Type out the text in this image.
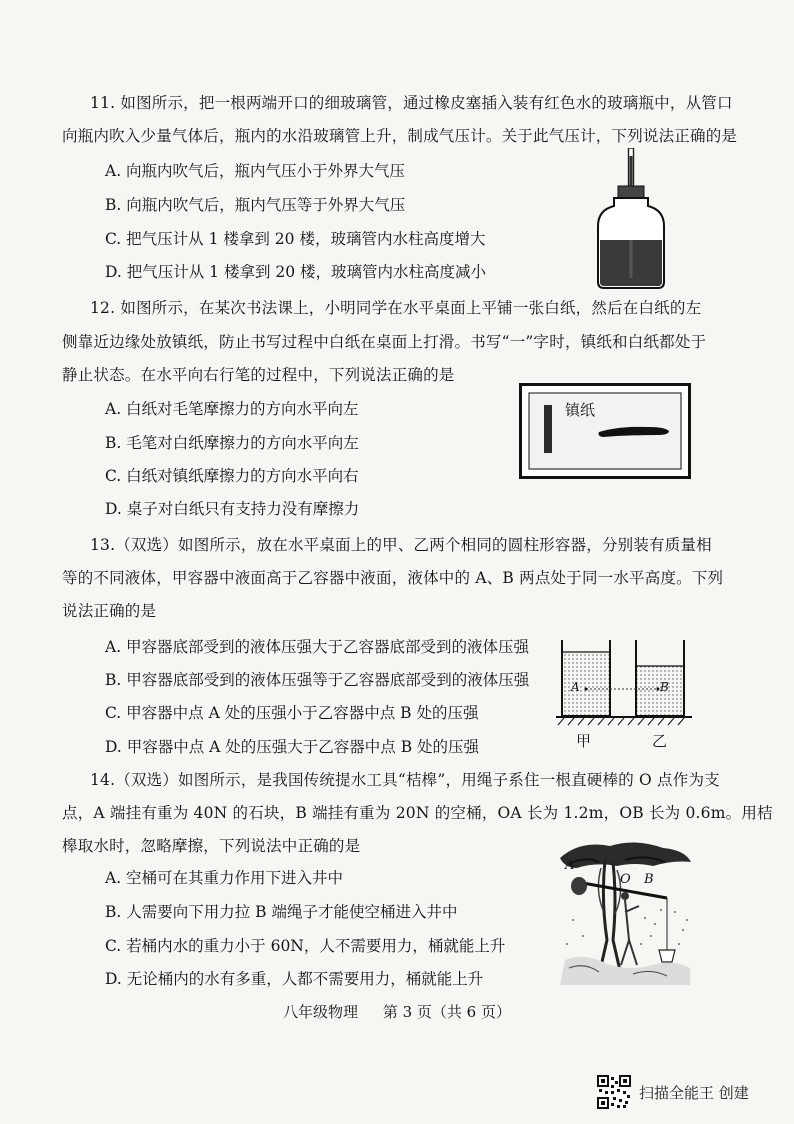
11. 如图所示，把一根两端开口的细玻璃管，通过橡皮塞插入装有红色水的玻璃瓶中，从管口
向瓶内吹入少量气体后，瓶内的水沿玻璃管上升，制成气压计。关于此气压计，下列说法正确的是
A. 向瓶内吹气后，瓶内气压小于外界大气压
B. 向瓶内吹气后，瓶内气压等于外界大气压
C. 把气压计从 1 楼拿到 20 楼，玻璃管内水柱高度增大
D. 把气压计从 1 楼拿到 20 楼，玻璃管内水柱高度减小
12. 如图所示，在某次书法课上，小明同学在水平桌面上平铺一张白纸，然后在白纸的左
侧靠近边缘处放镇纸，防止书写过程中白纸在桌面上打滑。书写“一”字时，镇纸和白纸都处于
静止状态。在水平向右行笔的过程中，下列说法正确的是
A. 白纸对毛笔摩擦力的方向水平向左
B. 毛笔对白纸摩擦力的方向水平向左
C. 白纸对镇纸摩擦力的方向水平向右
D. 桌子对白纸只有支持力没有摩擦力
镇纸
13.（双选）如图所示，放在水平桌面上的甲、乙两个相同的圆柱形容器，分别装有质量相
等的不同液体，甲容器中液面高于乙容器中液面，液体中的 A、B 两点处于同一水平高度。下列
说法正确的是
A. 甲容器底部受到的液体压强大于乙容器底部受到的液体压强
B. 甲容器底部受到的液体压强等于乙容器底部受到的液体压强
C. 甲容器中点 A 处的压强小于乙容器中点 B 处的压强
D. 甲容器中点 A 处的压强大于乙容器中点 B 处的压强
A	B
甲	乙
14.（双选）如图所示，是我国传统提水工具“桔槔”，用绳子系住一根直硬棒的 O 点作为支
点，A 端挂有重为 40N 的石块，B 端挂有重为 20N 的空桶，OA 长为 1.2m，OB 长为 0.6m。用桔
槔取水时，忽略摩擦，下列说法中正确的是
A. 空桶可在其重力作用下进入井中
B. 人需要向下用力拉 B 端绳子才能使空桶进入井中
C. 若桶内水的重力小于 60N，人不需要用力，桶就能上升
D. 无论桶内的水有多重，人都不需要用力，桶就能上升
A
O B
八年级物理 第 3 页（共 6 页）
扫描全能王 创建
